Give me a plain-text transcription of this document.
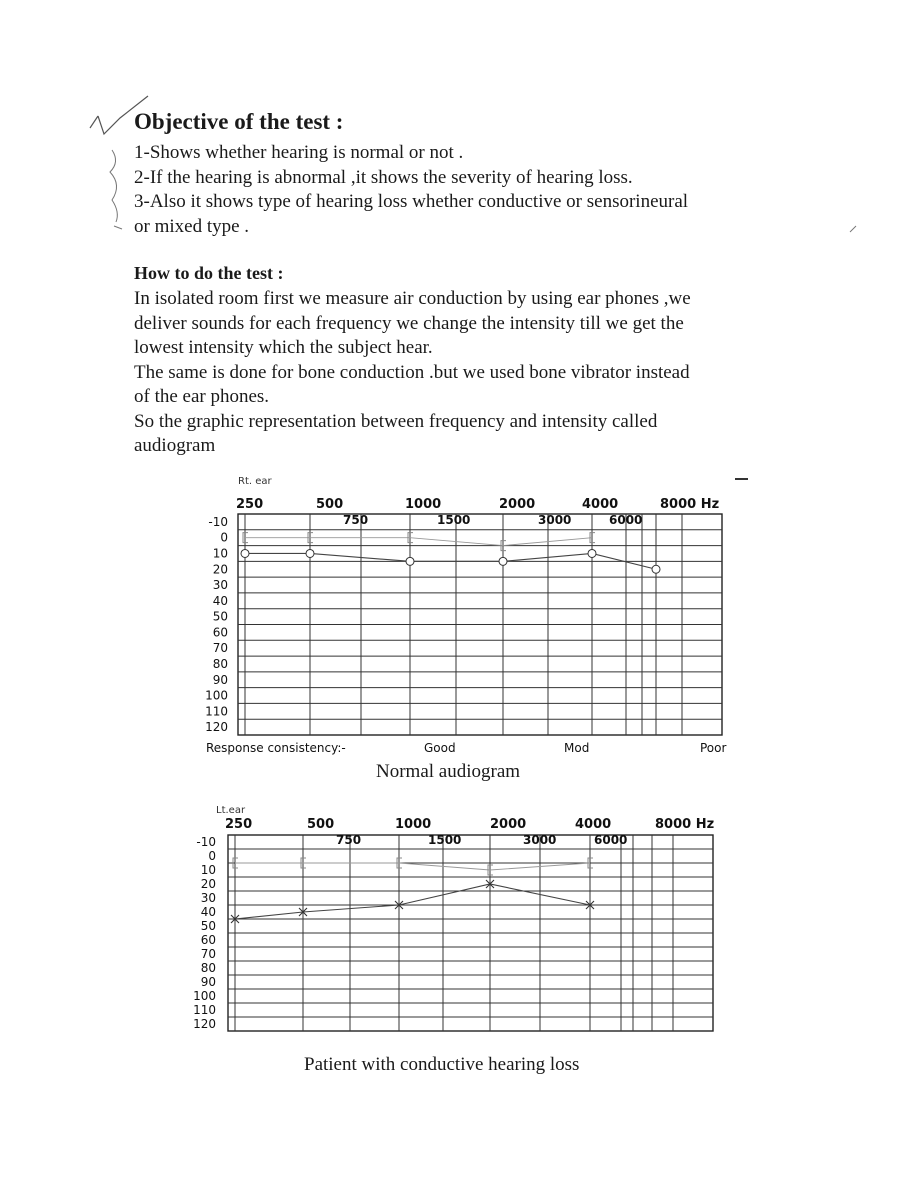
Objective of the test :

1-Shows whether hearing is normal or not .

2-If the hearing is abnormal ,it shows the severity of hearing loss.

3-Also it shows type of hearing loss whether conductive or sensorineural

or mixed type .

How to do the test :

In isolated room first we measure air conduction by using ear phones ,we

deliver sounds for each frequency we change the intensity till we get the

lowest intensity which the subject hear.

The same is done for bone conduction .but we used bone vibrator instead

of the ear phones.

So the graphic representation between frequency and intensity called

audiogram

Rt. ear
250	500	1000	2000	4000	8000 Hz
750	1500	3000	6000
-10
0
10
20
30
40
50
60
70
80
90
100
110
120
Response consistency:-	Good	Mod	Poor

Normal audiogram

Lt.ear
250	500	1000	2000	4000	8000 Hz
750	1500	3000	6000
-10
0
10
20
30
40
50
60
70
80
90
100
110
120

Patient with conductive hearing loss
